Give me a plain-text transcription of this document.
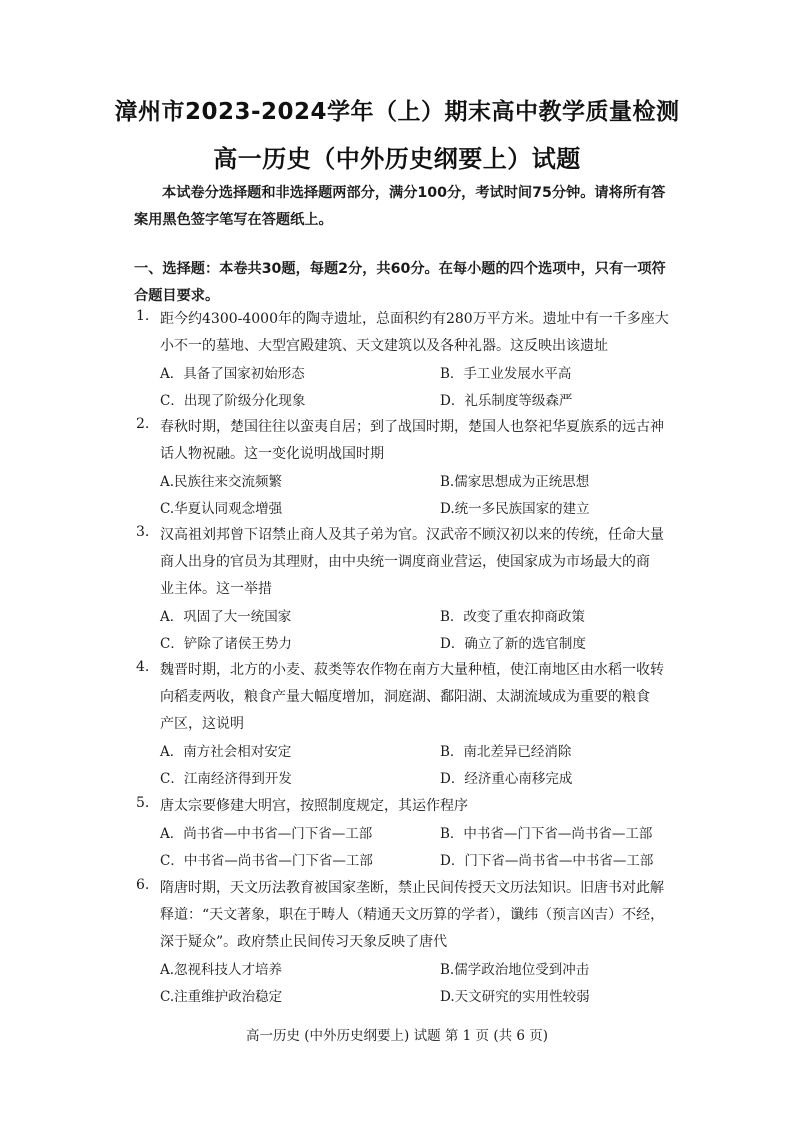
漳州市2023-2024学年（上）期末高中教学质量检测
高一历史（中外历史纲要上）试题
本试卷分选择题和非选择题两部分，满分100分，考试时间75分钟。请将所有答案用黑色签字笔写在答题纸上。
一、选择题：本卷共30题，每题2分，共60分。在每小题的四个选项中，只有一项符合题目要求。
1. 距今约4300-4000年的陶寺遗址，总面积约有280万平方米。遗址中有一千多座大
小不一的墓地、大型宫殿建筑、天文建筑以及各种礼器。这反映出该遗址
A．具备了国家初始形态	B．手工业发展水平高
C．出现了阶级分化现象	D．礼乐制度等级森严
2. 春秋时期，楚国往往以蛮夷自居；到了战国时期，楚国人也祭祀华夏族系的远古神
话人物祝融。这一变化说明战国时期
A.民族往来交流频繁	B.儒家思想成为正统思想
C.华夏认同观念增强	D.统一多民族国家的建立
3. 汉高祖刘邦曾下诏禁止商人及其子弟为官。汉武帝不顾汉初以来的传统，任命大量
商人出身的官员为其理财，由中央统一调度商业营运，使国家成为市场最大的商
业主体。这一举措
A．巩固了大一统国家	B．改变了重农抑商政策
C．铲除了诸侯王势力	D．确立了新的选官制度
4. 魏晋时期，北方的小麦、菽类等农作物在南方大量种植，使江南地区由水稻一收转
向稻麦两收，粮食产量大幅度增加，洞庭湖、鄱阳湖、太湖流域成为重要的粮食
产区，这说明
A．南方社会相对安定	B．南北差异已经消除
C．江南经济得到开发	D．经济重心南移完成
5. 唐太宗要修建大明宫，按照制度规定，其运作程序
A．尚书省—中书省—门下省—工部	B．中书省—门下省—尚书省—工部
C．中书省—尚书省—门下省—工部	D．门下省—尚书省—中书省—工部
6. 隋唐时期，天文历法教育被国家垄断，禁止民间传授天文历法知识。旧唐书对此解
释道：“天文著象，职在于畴人（精通天文历算的学者），谶纬（预言凶吉）不经，
深于疑众”。政府禁止民间传习天象反映了唐代
A.忽视科技人才培养	B.儒学政治地位受到冲击
C.注重维护政治稳定	D.天文研究的实用性较弱
高一历史 (中外历史纲要上) 试题 第 1 页 (共 6 页)
